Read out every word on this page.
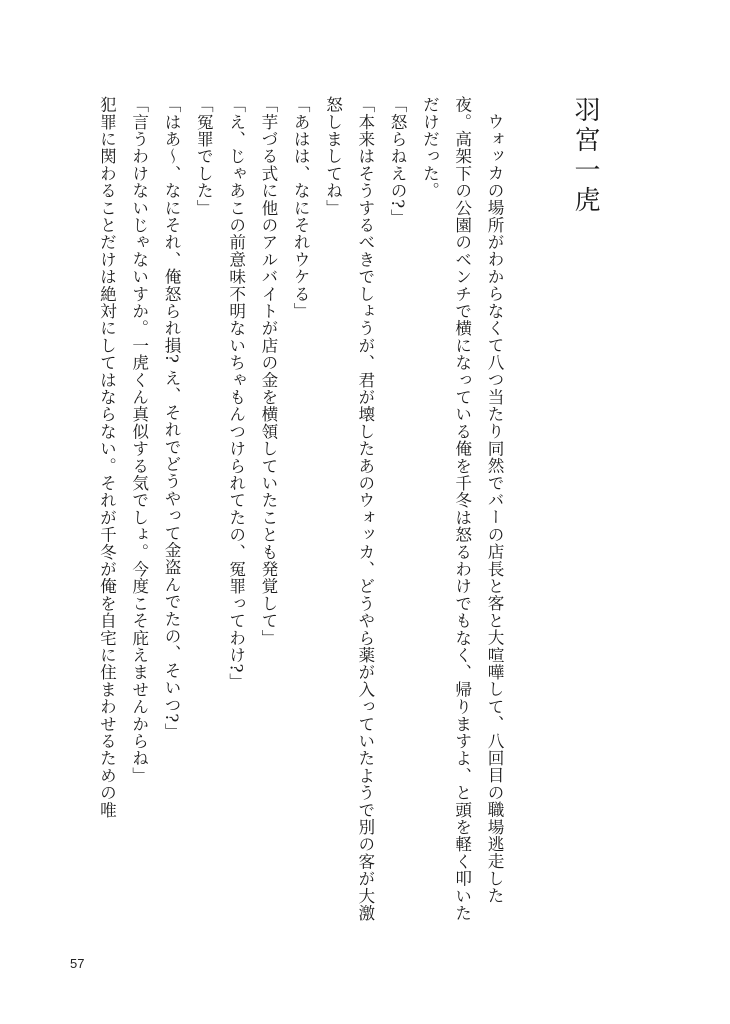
羽宮一虎

ウォッカの場所がわからなくて八つ当たり同然でバーの店長と客と大喧嘩して、八回目の職場逃走した夜。高架下の公園のベンチで横になっている俺を千冬は怒るわけでもなく、帰りますよ、と頭を軽く叩いただけだった。

「怒らねえの?」

「本来はそうするべきでしょうが、君が壊したあのウォッカ、どうやら薬が入っていたようで別の客が大激怒しましてね」

「あはは、なにそれウケる」

「芋づる式に他のアルバイトが店の金を横領していたことも発覚して」

「え、じゃあこの前意味不明ないちゃもんつけられてたの、冤罪ってわけ?」

「冤罪でした」

「はあ〜、なにそれ、俺怒られ損? え、それでどうやって金盗んでたの、そいつ?」

「言うわけないじゃないすか。一虎くん真似する気でしょ。今度こそ庇えませんからね」

犯罪に関わることだけは絶対にしてはならない。それが千冬が俺を自宅に住まわせるための唯

57
